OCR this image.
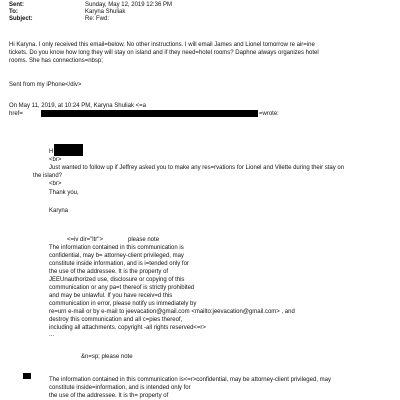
Sent:	Sunday, May 12, 2019 12:36 PM
To:	Karyna Shuliak
Subject:	Re: Fwd:
Hi Karyna. I only received this email=below. No other instructions. I will email James and Lionel tomorrow re air=ine
tickets. Do you know how long they will stay on island and if they need=hotel rooms? Daphne always organizes hotel
rooms. She has connections=nbsp;
Sent from my iPhone</div>
On May 11, 2019, at 10:24 PM, Karyna Shuliak <=a
href=	=wrote:
H
<br>
Just wanted to follow up if Jeffrey asked you to make any res=rvations for Lionel and Vilette during their stay on
the island?
<br>
Thank you,
Karyna
<=iv dir="ltr">	please note
The information contained in this communication is
confidential, may b= attorney-client privileged, may
constitute inside information, and is i=tended only for
the use of the addressee. It is the property of
JEEUnauthorized use, disclosure or copying of this
communication or any pa=t thereof is strictly prohibited
and may be unlawful. If you have receiv=d this
communication in error, please notify us immediately by
re=urn e-mail or by e-mail to jeevacation@gmail.com <mailto:jeevacation@gmail.com> , and
destroy this communication and all c=pies thereof,
including all attachments. copyright -all rights reserved<=r>
...
&n=sp; please note
The information contained in this communication is<=r>confidential, may be attorney-client privileged, may
constitute inside=information, and is intended only for
the use of the addressee. It is th= property of
